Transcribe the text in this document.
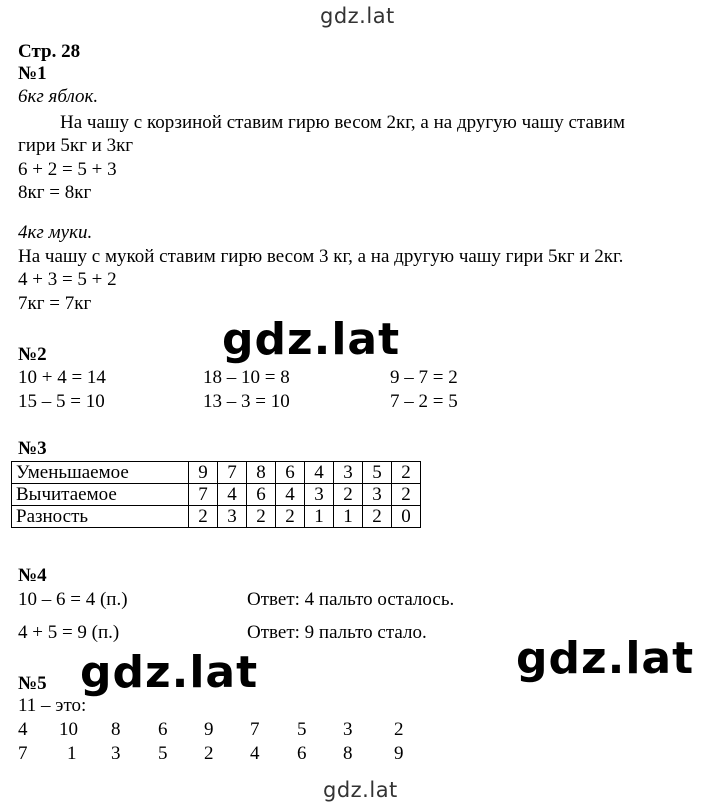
gdz.lat
gdz.lat
gdz.lat
gdz.lat	gdz.lat
Стр. 28
№1
6кг яблок.
На чашу с корзиной ставим гирю весом 2кг, а на другую чашу ставим
гири 5кг и 3кг
6 + 2 = 5 + 3
8кг = 8кг
4кг муки.
На чашу с мукой ставим гирю весом 3 кг, а на другую чашу гири 5кг и 2кг.
4 + 3 = 5 + 2
7кг = 7кг
№2
10 + 4 = 14	18 – 10 = 8	9 – 7 = 2
15 – 5 = 10	13 – 3 = 10	7 – 2 = 5
№3
Уменьшаемое	9	7	8	6	4	3	5	2
Вычитаемое	7	4	6	4	3	2	3	2
Разность	2	3	2	2	1	1	2	0
№4
10 – 6 = 4 (п.)	Ответ: 4 пальто осталось.
4 + 5 = 9 (п.)	Ответ: 9 пальто стало.
№5
11 – это:
4 10 8 6 9 7 5 3 2
7 1 3 5 2 4 6 8 9
